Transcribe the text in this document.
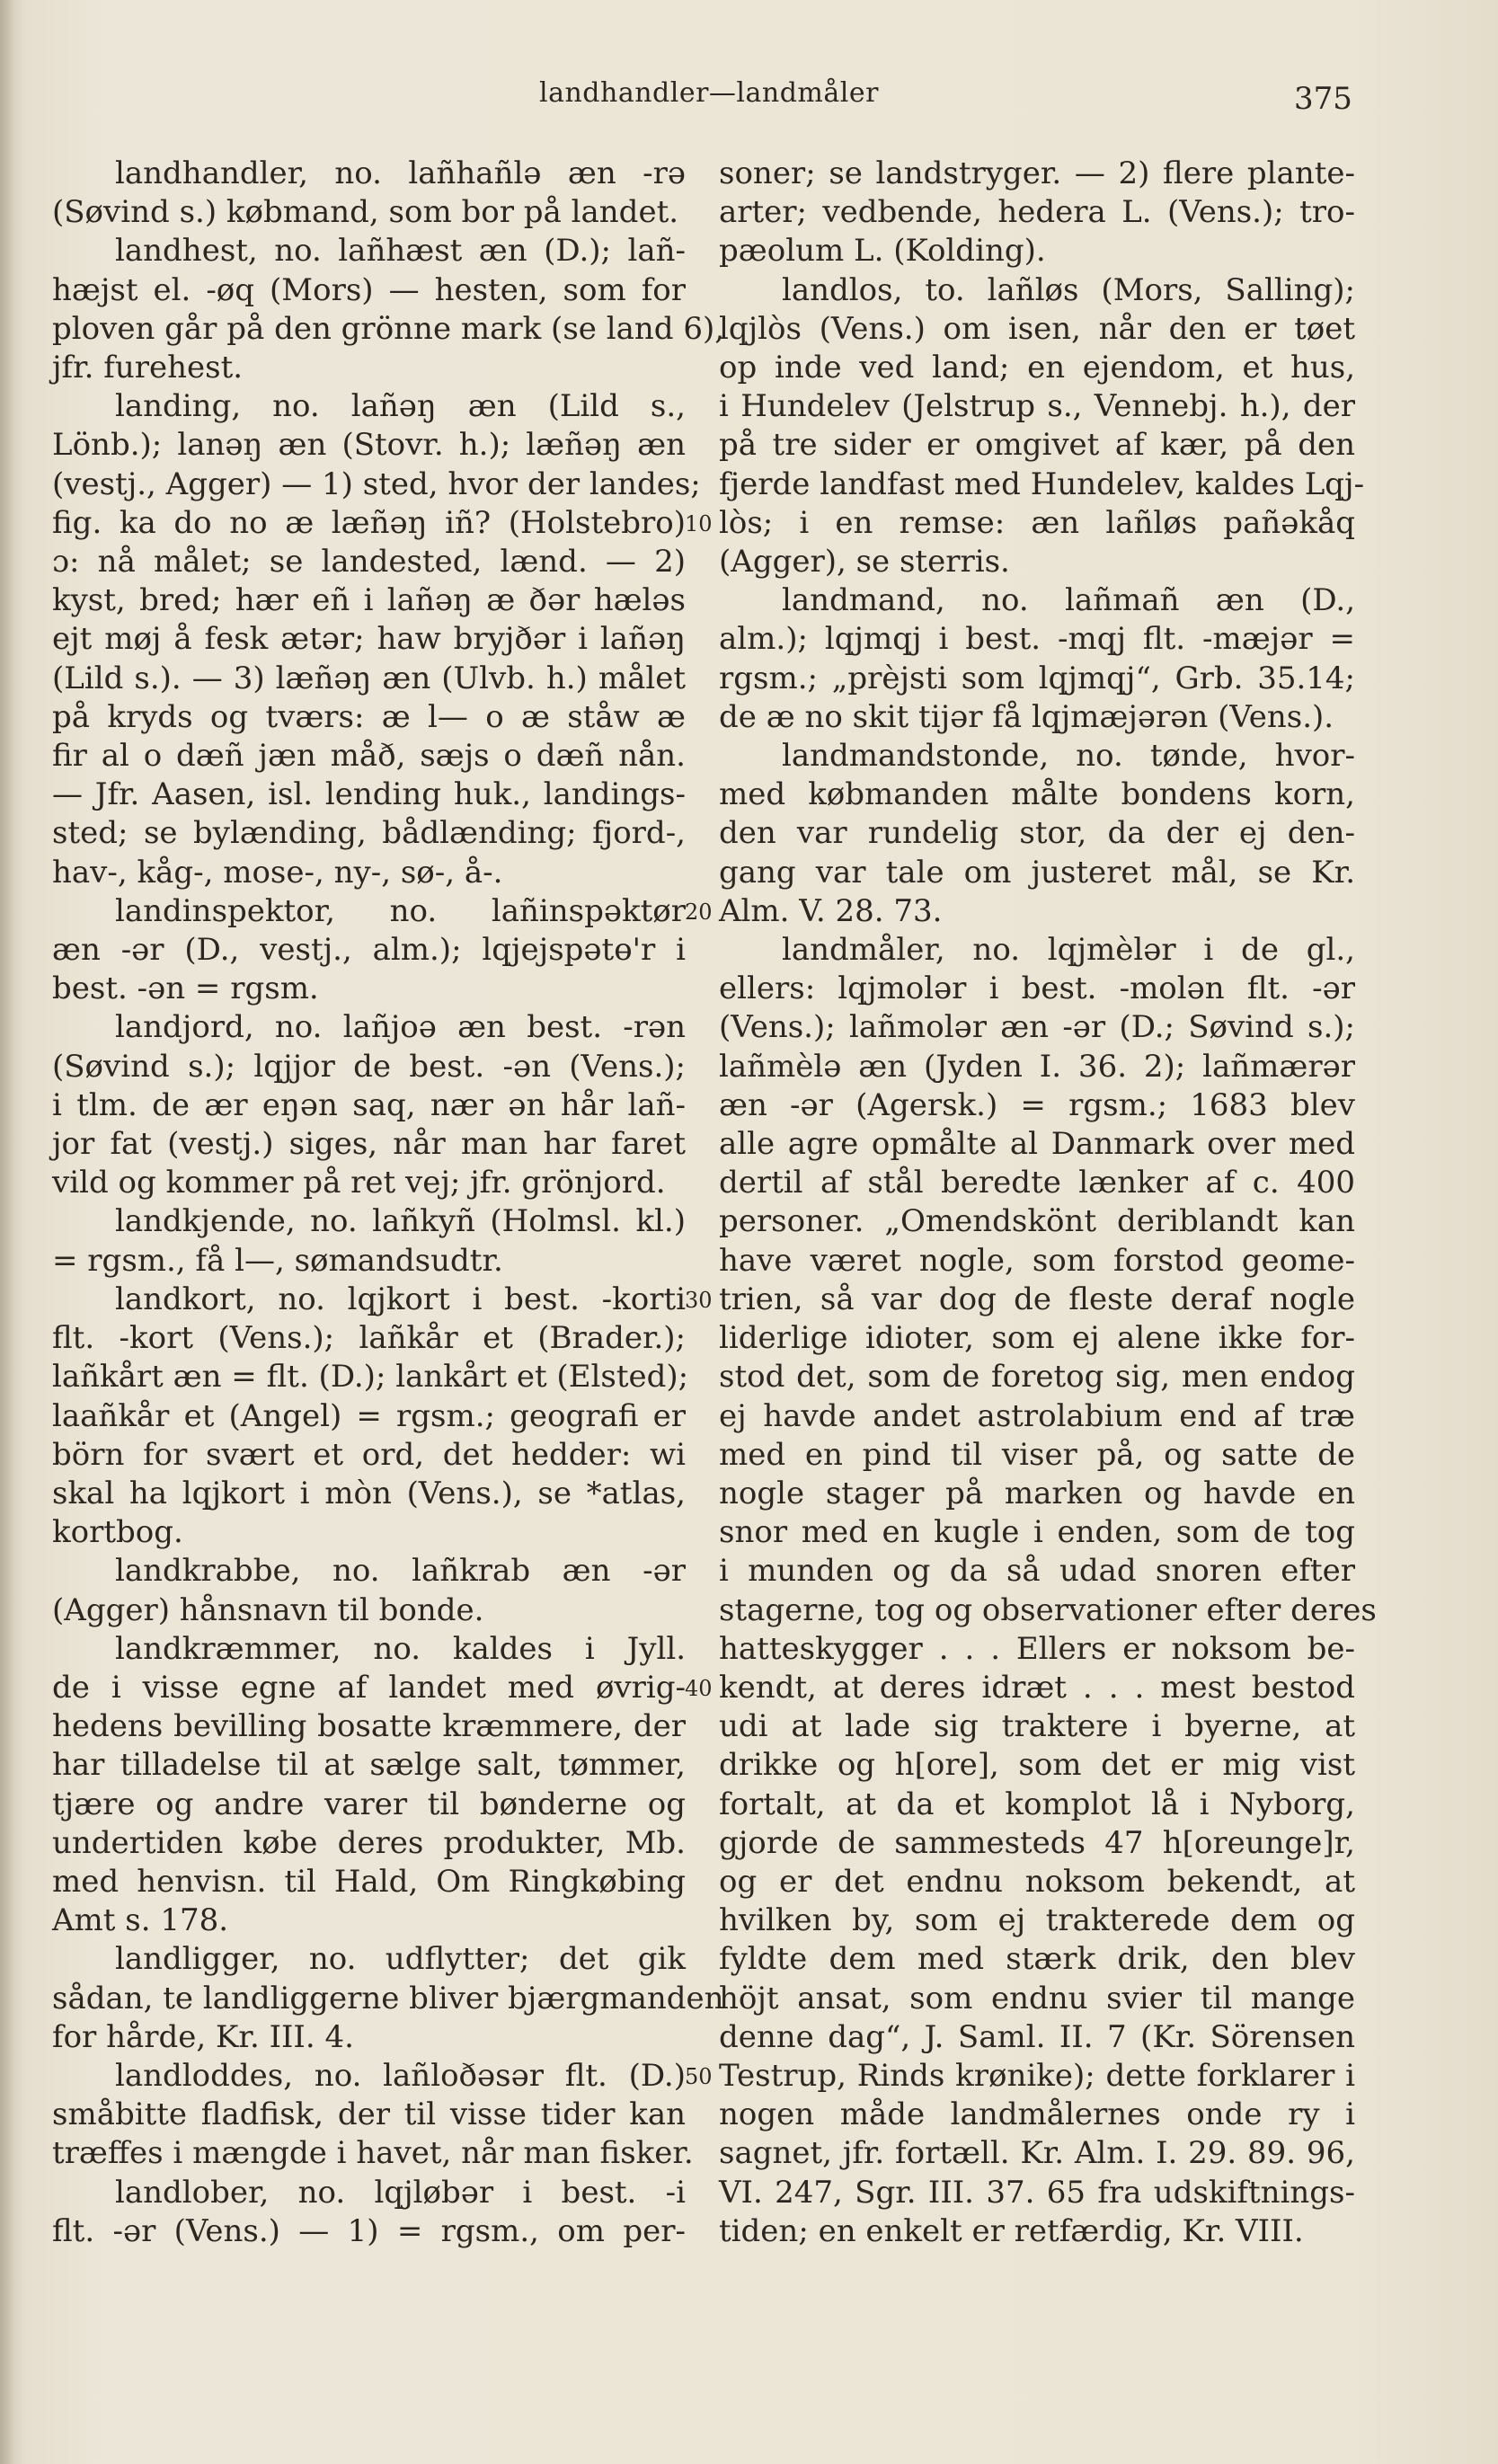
landhandler—landmåler	375
landhandler, no. lañhañlə æn -rə
(Søvind s.) købmand, som bor på landet.
landhest, no. lañhæst æn (D.); lañ-
hæjst el. -øq (Mors) — hesten, som for
ploven går på den grönne mark (se land 6),
jfr. furehest.
landing, no. lañəŋ æn (Lild s.,
Lönb.); lanəŋ æn (Stovr. h.); læñəŋ æn
(vestj., Agger) — 1) sted, hvor der landes;
fig. ka do no æ læñəŋ iñ? (Holstebro)
ɔ: nå målet; se landested, lænd. — 2)
kyst, bred; hær eñ i lañəŋ æ ðər hæləs
ejt møj å fesk ætər; haw bryjðər i lañəŋ
(Lild s.). — 3) læñəŋ æn (Ulvb. h.) målet
på kryds og tværs: æ l— o æ ståw æ
fir al o dæñ jæn måð, sæjs o dæñ nån.
— Jfr. Aasen, isl. lending huk., landings-
sted; se bylænding, bådlænding; fjord-,
hav-, kåg-, mose-, ny-, sø-, å-.
landinspektor, no. lañinspəktør
æn -ər (D., vestj., alm.); lqjejspətɵ'r i
best. -ən = rgsm.
landjord, no. lañjoə æn best. -rən
(Søvind s.); lqjjor de best. -ən (Vens.);
i tlm. de ær eŋən saq, nær ən hår lañ-
jor fat (vestj.) siges, når man har faret
vild og kommer på ret vej; jfr. grönjord.
landkjende, no. lañkyñ (Holmsl. kl.)
= rgsm., få l—, sømandsudtr.
landkort, no. lqjkort i best. -korti
flt. -kort (Vens.); lañkår et (Brader.);
lañkårt æn = flt. (D.); lankårt et (Elsted);
laañkår et (Angel) = rgsm.; geografi er
börn for svært et ord, det hedder: wi
skal ha lqjkort i mòn (Vens.), se *atlas,
kortbog.
landkrabbe, no. lañkrab æn -ər
(Agger) hånsnavn til bonde.
landkræmmer, no. kaldes i Jyll.
de i visse egne af landet med øvrig-
hedens bevilling bosatte kræmmere, der
har tilladelse til at sælge salt, tømmer,
tjære og andre varer til bønderne og
undertiden købe deres produkter, Mb.
med henvisn. til Hald, Om Ringkøbing
Amt s. 178.
landligger, no. udflytter; det gik
sådan, te landliggerne bliver bjærgmanden
for hårde, Kr. III. 4.
landloddes, no. lañloðəsər flt. (D.)
småbitte fladfisk, der til visse tider kan
træffes i mængde i havet, når man fisker.
landlober, no. lqjløbər i best. -i
flt. -ər (Vens.) — 1) = rgsm., om per-
10
20
30
40
50
soner; se landstryger. — 2) flere plante-
arter; vedbende, hedera L. (Vens.); tro-
pæolum L. (Kolding).
landlos, to. lañløs (Mors, Salling);
lqjlòs (Vens.) om isen, når den er tøet
op inde ved land; en ejendom, et hus,
i Hundelev (Jelstrup s., Vennebj. h.), der
på tre sider er omgivet af kær, på den
fjerde landfast med Hundelev, kaldes Lqj-
lòs; i en remse: æn lañløs pañəkåq
(Agger), se sterris.
landmand, no. lañmañ æn (D.,
alm.); lqjmqj i best. -mqj flt. -mæjər =
rgsm.; „prèjsti som lqjmqj“, Grb. 35.14;
de æ no skit tijər få lqjmæjərən (Vens.).
landmandstonde, no. tønde, hvor-
med købmanden målte bondens korn,
den var rundelig stor, da der ej den-
gang var tale om justeret mål, se Kr.
Alm. V. 28. 73.
landmåler, no. lqjmèlər i de gl.,
ellers: lqjmolər i best. -molən flt. -ər
(Vens.); lañmolər æn -ər (D.; Søvind s.);
lañmèlə æn (Jyden I. 36. 2); lañmærər
æn -ər (Agersk.) = rgsm.; 1683 blev
alle agre opmålte al Danmark over med
dertil af stål beredte lænker af c. 400
personer. „Omendskönt deriblandt kan
have været nogle, som forstod geome-
trien, så var dog de fleste deraf nogle
liderlige idioter, som ej alene ikke for-
stod det, som de foretog sig, men endog
ej havde andet astrolabium end af træ
med en pind til viser på, og satte de
nogle stager på marken og havde en
snor med en kugle i enden, som de tog
i munden og da så udad snoren efter
stagerne, tog og observationer efter deres
hatteskygger . . . Ellers er noksom be-
kendt, at deres idræt . . . mest bestod
udi at lade sig traktere i byerne, at
drikke og h[ore], som det er mig vist
fortalt, at da et komplot lå i Nyborg,
gjorde de sammesteds 47 h[oreunge]r,
og er det endnu noksom bekendt, at
hvilken by, som ej trakterede dem og
fyldte dem med stærk drik, den blev
höjt ansat, som endnu svier til mange
denne dag“, J. Saml. II. 7 (Kr. Sörensen
Testrup, Rinds krønike); dette forklarer i
nogen måde landmålernes onde ry i
sagnet, jfr. fortæll. Kr. Alm. I. 29. 89. 96,
VI. 247, Sgr. III. 37. 65 fra udskiftnings-
tiden; en enkelt er retfærdig, Kr. VIII.
